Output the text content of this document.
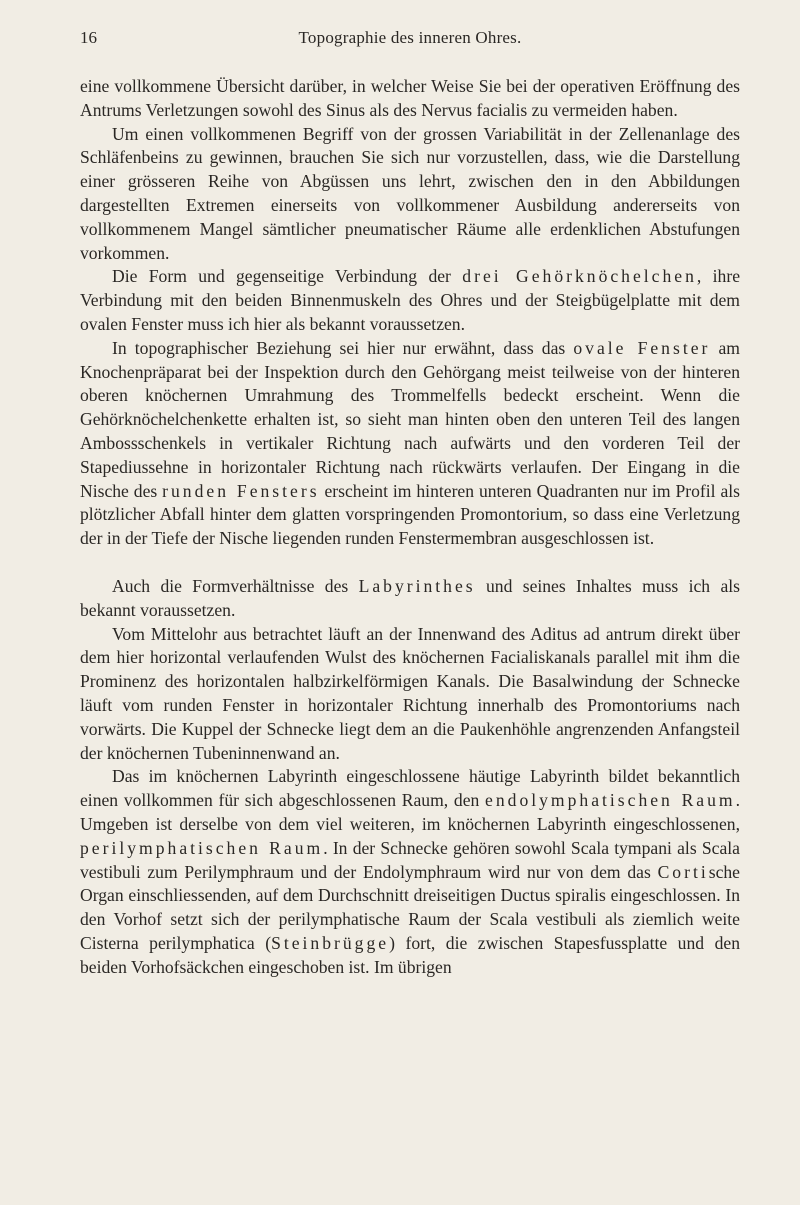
16	Topographie des inneren Ohres.

eine vollkommene Übersicht darüber, in welcher Weise Sie bei der operativen Eröffnung des Antrums Verletzungen sowohl des Sinus als des Nervus facialis zu vermeiden haben.

Um einen vollkommenen Begriff von der grossen Variabilität in der Zellenanlage des Schläfenbeins zu gewinnen, brauchen Sie sich nur vorzustellen, dass, wie die Darstellung einer grösseren Reihe von Abgüssen uns lehrt, zwischen den in den Abbildungen dargestellten Extremen einerseits von vollkommener Ausbildung andererseits von vollkommenem Mangel sämtlicher pneumatischer Räume alle erdenklichen Abstufungen vorkommen.

Die Form und gegenseitige Verbindung der drei Gehörknöchelchen, ihre Verbindung mit den beiden Binnenmuskeln des Ohres und der Steigbügelplatte mit dem ovalen Fenster muss ich hier als bekannt voraussetzen.

In topographischer Beziehung sei hier nur erwähnt, dass das ovale Fenster am Knochenpräparat bei der Inspektion durch den Gehörgang meist teilweise von der hinteren oberen knöchernen Umrahmung des Trommelfells bedeckt erscheint. Wenn die Gehörknöchelchenkette erhalten ist, so sieht man hinten oben den unteren Teil des langen Ambossschenkels in vertikaler Richtung nach aufwärts und den vorderen Teil der Stapediussehne in horizontaler Richtung nach rückwärts verlaufen. Der Eingang in die Nische des runden Fensters erscheint im hinteren unteren Quadranten nur im Profil als plötzlicher Abfall hinter dem glatten vorspringenden Promontorium, so dass eine Verletzung der in der Tiefe der Nische liegenden runden Fenstermembran ausgeschlossen ist.

Auch die Formverhältnisse des Labyrinthes und seines Inhaltes muss ich als bekannt voraussetzen.

Vom Mittelohr aus betrachtet läuft an der Innenwand des Aditus ad antrum direkt über dem hier horizontal verlaufenden Wulst des knöchernen Facialiskanals parallel mit ihm die Prominenz des horizontalen halbzirkelförmigen Kanals. Die Basalwindung der Schnecke läuft vom runden Fenster in horizontaler Richtung innerhalb des Promontoriums nach vorwärts. Die Kuppel der Schnecke liegt dem an die Paukenhöhle angrenzenden Anfangsteil der knöchernen Tubeninnenwand an.

Das im knöchernen Labyrinth eingeschlossene häutige Labyrinth bildet bekanntlich einen vollkommen für sich abgeschlossenen Raum, den endolymphatischen Raum. Umgeben ist derselbe von dem viel weiteren, im knöchernen Labyrinth eingeschlossenen, perilymphatischen Raum. In der Schnecke gehören sowohl Scala tympani als Scala vestibuli zum Perilymphraum und der Endolymphraum wird nur von dem das Cortische Organ einschliessenden, auf dem Durchschnitt dreiseitigen Ductus spiralis eingeschlossen. In den Vorhof setzt sich der perilymphatische Raum der Scala vestibuli als ziemlich weite Cisterna perilymphatica (Steinbrügge) fort, die zwischen Stapesfussplatte und den beiden Vorhofsäckchen eingeschoben ist. Im übrigen
